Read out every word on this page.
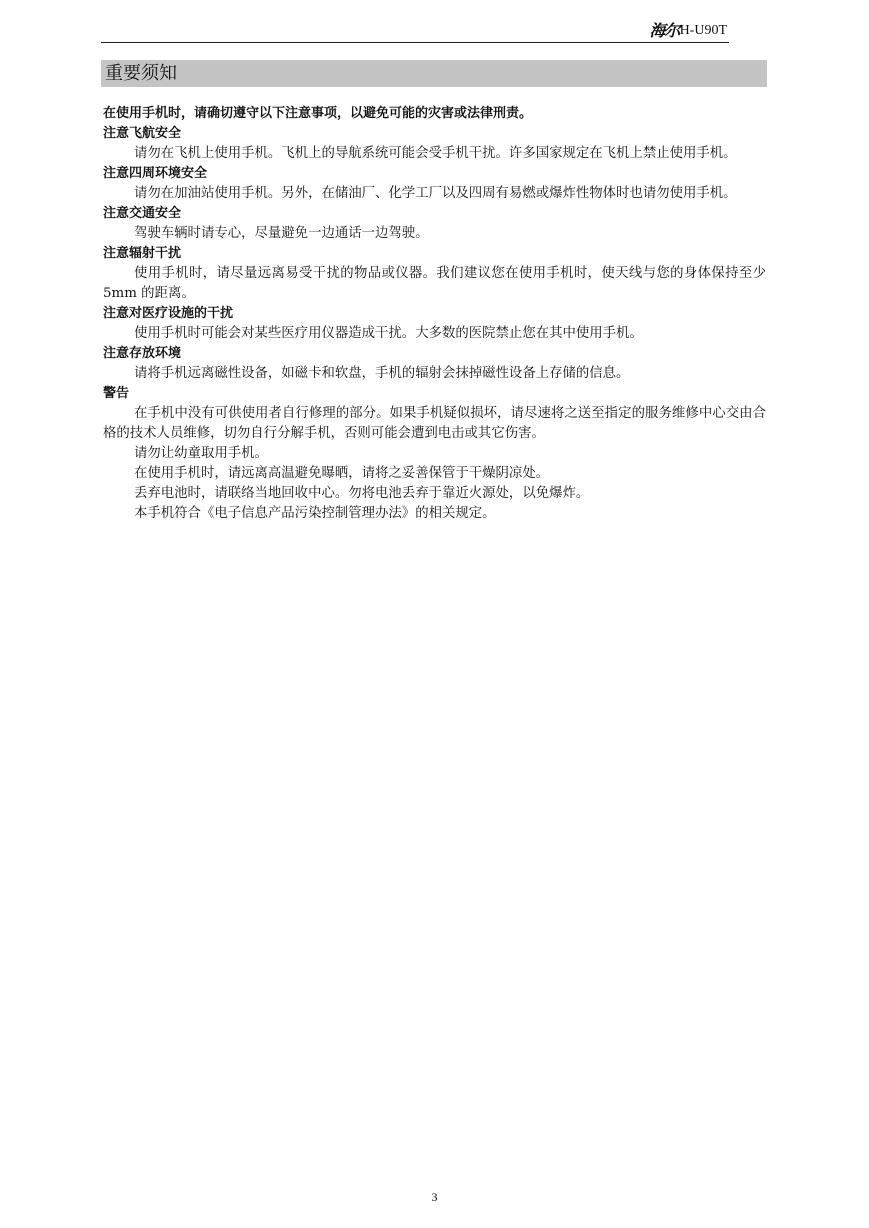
海尔 H-U90T
重要须知
在使用手机时，请确切遵守以下注意事项，以避免可能的灾害或法律刑责。
注意飞航安全
请勿在飞机上使用手机。飞机上的导航系统可能会受手机干扰。许多国家规定在飞机上禁止使用手机。
注意四周环境安全
请勿在加油站使用手机。另外，在储油厂、化学工厂以及四周有易燃或爆炸性物体时也请勿使用手机。
注意交通安全
驾驶车辆时请专心，尽量避免一边通话一边驾驶。
注意辐射干扰
使用手机时，请尽量远离易受干扰的物品或仪器。我们建议您在使用手机时，使天线与您的身体保持至少 5mm 的距离。
注意对医疗设施的干扰
使用手机时可能会对某些医疗用仪器造成干扰。大多数的医院禁止您在其中使用手机。
注意存放环境
请将手机远离磁性设备，如磁卡和软盘，手机的辐射会抹掉磁性设备上存储的信息。
警告
在手机中没有可供使用者自行修理的部分。如果手机疑似损坏，请尽速将之送至指定的服务维修中心交由合格的技术人员维修，切勿自行分解手机，否则可能会遭到电击或其它伤害。
请勿让幼童取用手机。
在使用手机时，请远离高温避免曝晒，请将之妥善保管于干燥阴凉处。
丢弃电池时，请联络当地回收中心。勿将电池丢弃于靠近火源处，以免爆炸。
本手机符合《电子信息产品污染控制管理办法》的相关规定。
3
